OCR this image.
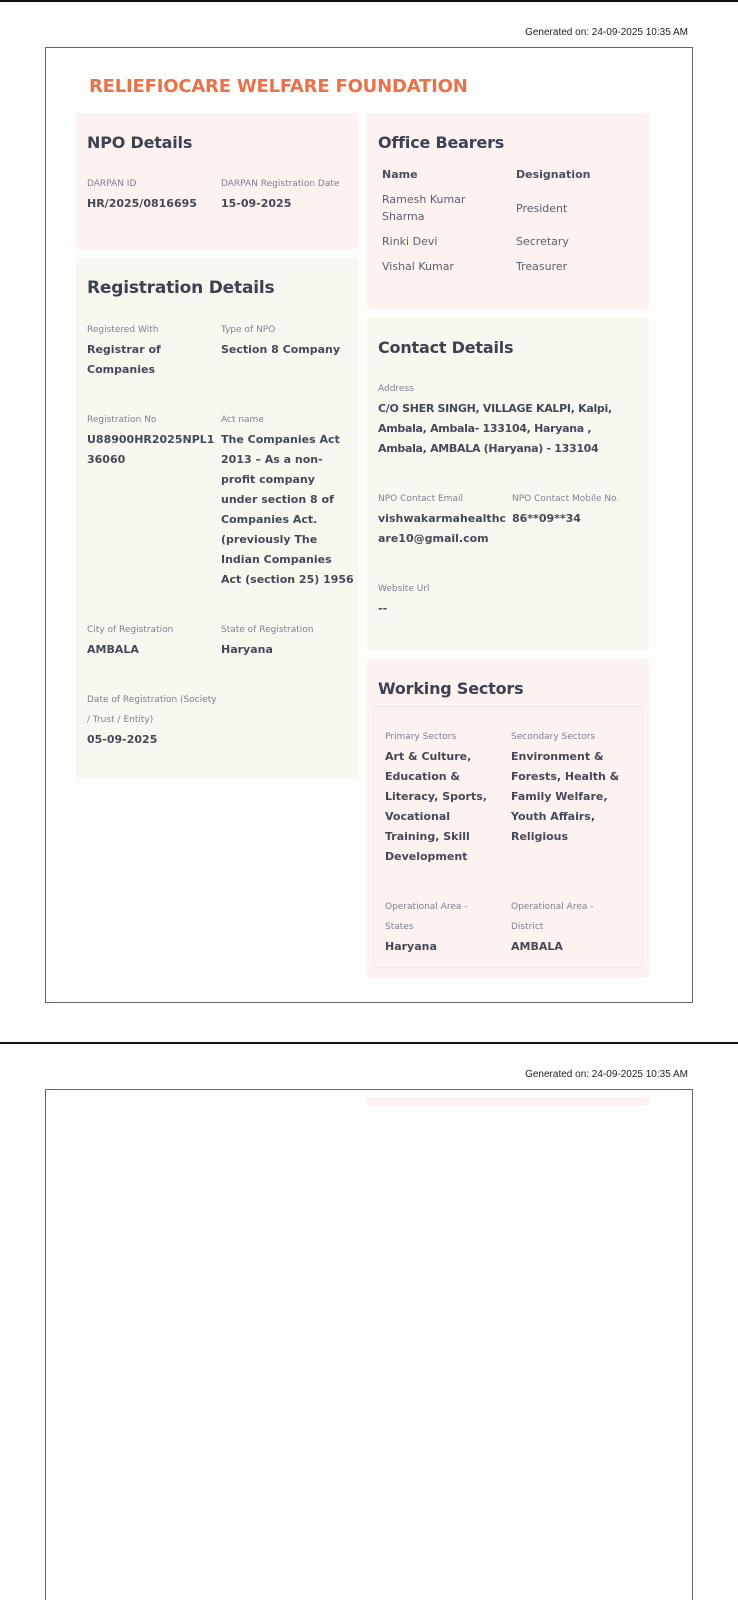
Generated on: 24-09-2025 10:35 AM
RELIEFIOCARE WELFARE FOUNDATION
NPO Details
DARPAN ID
HR/2025/0816695
DARPAN Registration Date
15-09-2025
Registration Details
Registered With
Registrar of Companies
Type of NPO
Section 8 Company
Registration No
U88900HR2025NPL136060
Act name
The Companies Act 2013 – As a non-profit company under section 8 of Companies Act. (previously The Indian Companies Act (section 25) 1956
City of Registration
AMBALA
State of Registration
Haryana
Date of Registration (Society / Trust / Entity)
05-09-2025
Office Bearers
Name	Designation
Ramesh Kumar Sharma	President
Rinki Devi	Secretary
Vishal Kumar	Treasurer
Contact Details
Address
C/O SHER SINGH, VILLAGE KALPI, Kalpi, Ambala, Ambala- 133104, Haryana , Ambala, AMBALA (Haryana) - 133104
NPO Contact Email
vishwakarmahealthcare10@gmail.com
NPO Contact Mobile No.
86**09**34
Website Url
--
Working Sectors
Primary Sectors
Art & Culture, Education & Literacy, Sports, Vocational Training, Skill Development
Secondary Sectors
Environment & Forests, Health & Family Welfare, Youth Affairs, Religious
Operational Area - States
Haryana
Operational Area - District
AMBALA
Generated on: 24-09-2025 10:35 AM
